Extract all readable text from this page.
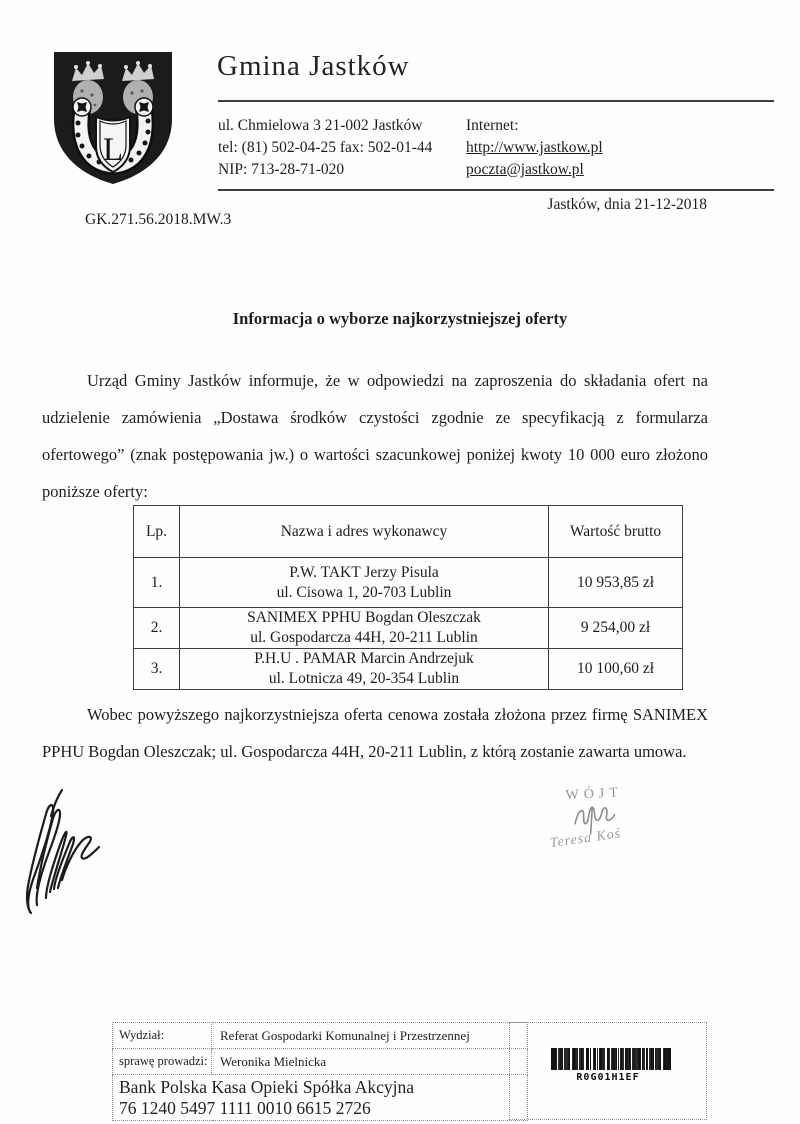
L
Gmina Jastków
ul. Chmielowa 3 21-002 Jastków
tel: (81) 502-04-25 fax: 502-01-44
NIP: 713-28-71-020
Internet:
http://www.jastkow.pl
poczta@jastkow.pl
Jastków, dnia 21-12-2018
GK.271.56.2018.MW.3
Informacja o wyborze najkorzystniejszej oferty
Urząd Gminy Jastków informuje, że w odpowiedzi na zaproszenia do składania ofert na udzielenie zamówienia „Dostawa środków czystości zgodnie ze specyfikacją z formularza ofertowego” (znak postępowania jw.) o wartości szacunkowej poniżej kwoty 10 000 euro złożono poniższe oferty:
Lp.	Nazwa i adres wykonawcy	Wartość brutto
1.	P.W. TAKT Jerzy Pisula
ul. Cisowa 1, 20-703 Lublin	10 953,85 zł
2.	SANIMEX PPHU Bogdan Oleszczak
ul. Gospodarcza 44H, 20-211 Lublin	9 254,00 zł
3.	P.H.U . PAMAR Marcin Andrzejuk
ul. Lotnicza 49, 20-354 Lublin	10 100,60 zł
Wobec powyższego najkorzystniejsza oferta cenowa została złożona przez firmę SANIMEX PPHU Bogdan Oleszczak; ul. Gospodarcza 44H, 20-211 Lublin, z którą zostanie zawarta umowa.
WÓJT
Teresa Koś
Wydział:	Referat Gospodarki Komunalnej i Przestrzennej
sprawę prowadzi:	Weronika Mielnicka

Bank Polska Kasa Opieki Spółka Akcyjna
76 1240 5497 1111 0010 6615 2726	
R0G01H1EF
